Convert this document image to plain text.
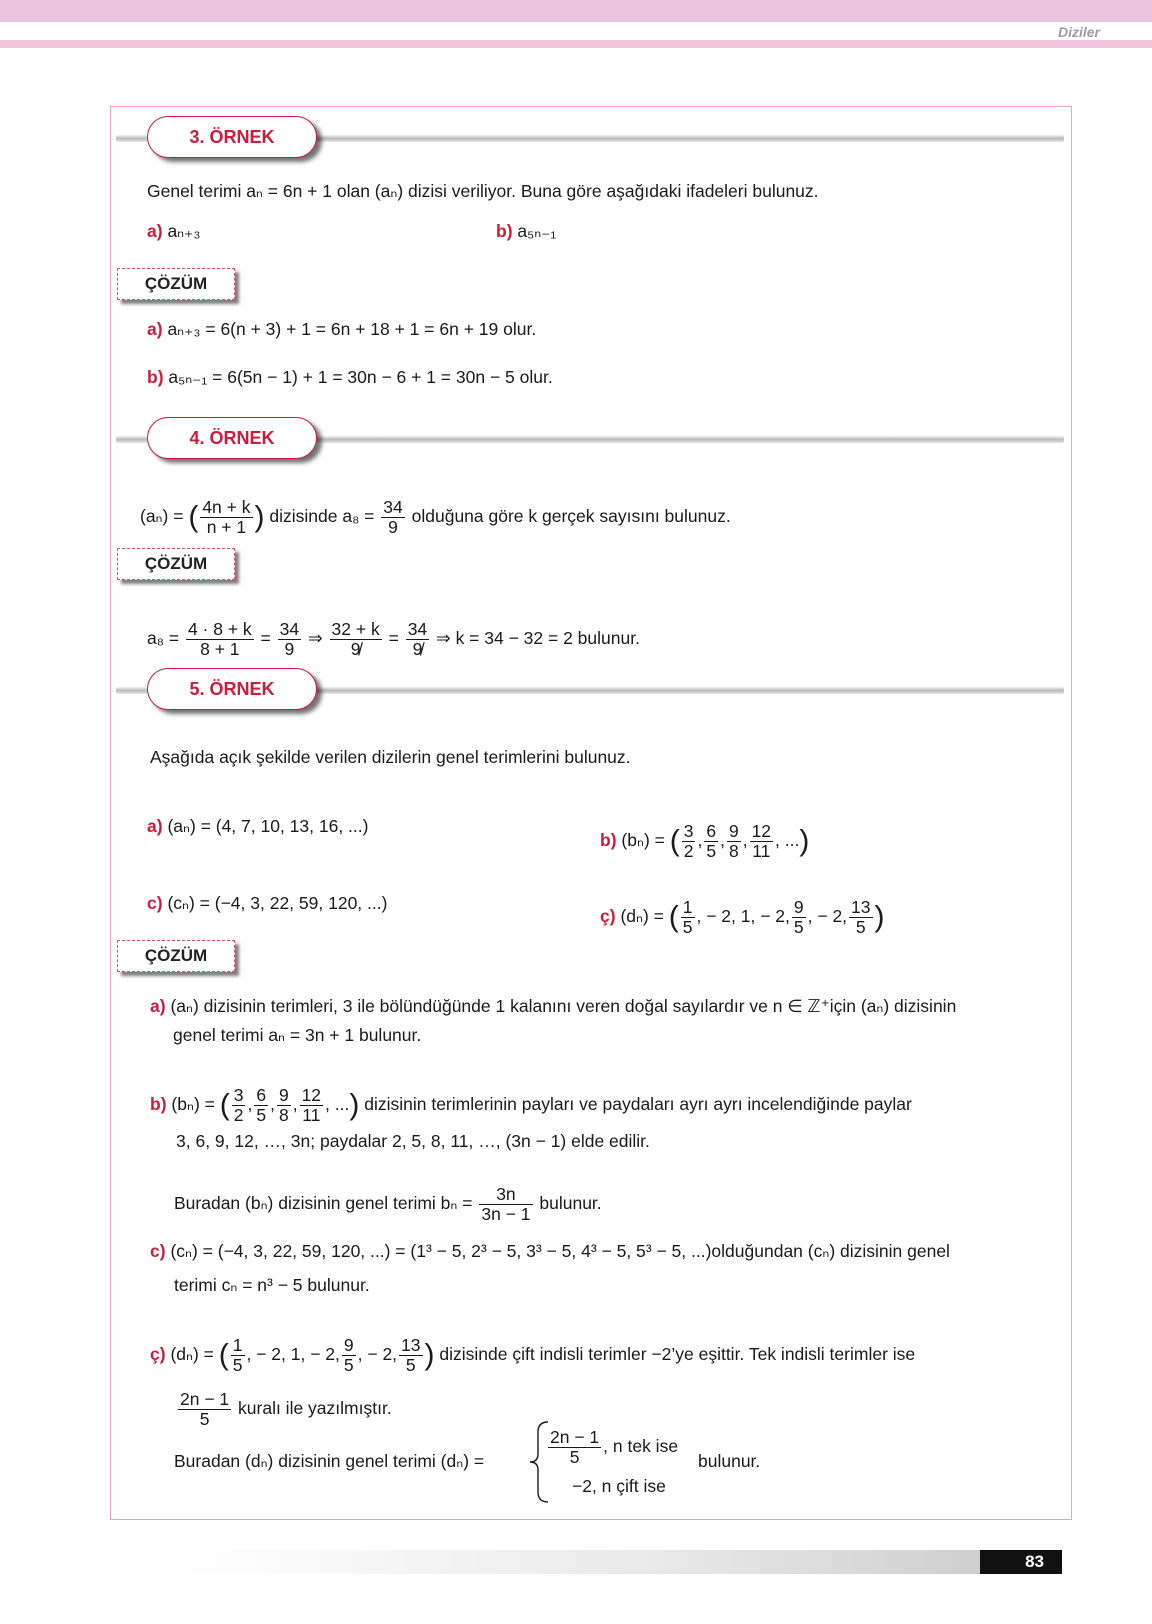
Diziler
3. ÖRNEK
Genel terimi aₙ = 6n + 1 olan (aₙ) dizisi veriliyor. Buna göre aşağıdaki ifadeleri bulunuz.
a) aₙ₊₃	b) a₅ₙ₋₁
ÇÖZÜM
a) aₙ₊₃ = 6(n + 3) + 1 = 6n + 18 + 1 = 6n + 19 olur.
b) a₅ₙ₋₁ = 6(5n − 1) + 1 = 30n − 6 + 1 = 30n − 5 olur.
4. ÖRNEK
(aₙ) = ( $\frac{4n + k}{n + 1}$ ) dizisinde $a_8 = \frac{34}{9}$ olduğuna göre k gerçek sayısını bulunuz.
ÇÖZÜM
$a_8 = \frac{4 \cdot 8 + k}{8 + 1} = \frac{34}{9}$ ⇒ $\frac{32 + k}{9̸} = \frac{34}{9̸}$ ⇒ k = 34 − 32 = 2 bulunur.
5. ÖRNEK
Aşağıda açık şekilde verilen dizilerin genel terimlerini bulunuz.
a) (aₙ) = (4, 7, 10, 13, 16, ...)
b) (bₙ) = ( $\frac{3}{2}$ , $\frac{6}{5}$ , $\frac{9}{8}$ , $\frac{12}{11}$ , ...)
c) (cₙ) = (−4, 3, 22, 59, 120, ...)
ç) (dₙ) = ( $\frac{1}{5}$ , − 2, 1, − 2, $\frac{9}{5}$ , − 2, $\frac{13}{5}$ )
ÇÖZÜM
a) (aₙ) dizisinin terimleri, 3 ile bölündüğünde 1 kalanını veren doğal sayılardır ve n ∈ ℤ⁺için (aₙ) dizisinin
genel terimi aₙ = 3n + 1 bulunur.
b) (bₙ) = ( $\frac{3}{2}$ , $\frac{6}{5}$ , $\frac{9}{8}$ , $\frac{12}{11}$ , ...) dizisinin terimlerinin payları ve paydaları ayrı ayrı incelendiğinde paylar
3, 6, 9, 12, …, 3n; paydalar 2, 5, 8, 11, …, (3n − 1) elde edilir.
Buradan (bₙ) dizisinin genel terimi $b_n = \frac{3n}{3n - 1}$ bulunur.
c) (cₙ) = (−4, 3, 22, 59, 120, ...) = (1³ − 5, 2³ − 5, 3³ − 5, 4³ − 5, 5³ − 5, ...)olduğundan (cₙ) dizisinin genel
terimi cₙ = n³ − 5 bulunur.
ç) (dₙ) = ( $\frac{1}{5}$ , − 2, 1, − 2, $\frac{9}{5}$ , − 2, $\frac{13}{5}$ ) dizisinde çift indisli terimler −2’ye eşittir. Tek indisli terimler ise
$\frac{2n - 1}{5}$ kuralı ile yazılmıştır.
Buradan (dₙ) dizisinin genel terimi (dₙ) =	$\frac{2n - 1}{5}$ , n tek ise
−2, n çift ise
bulunur.
83
